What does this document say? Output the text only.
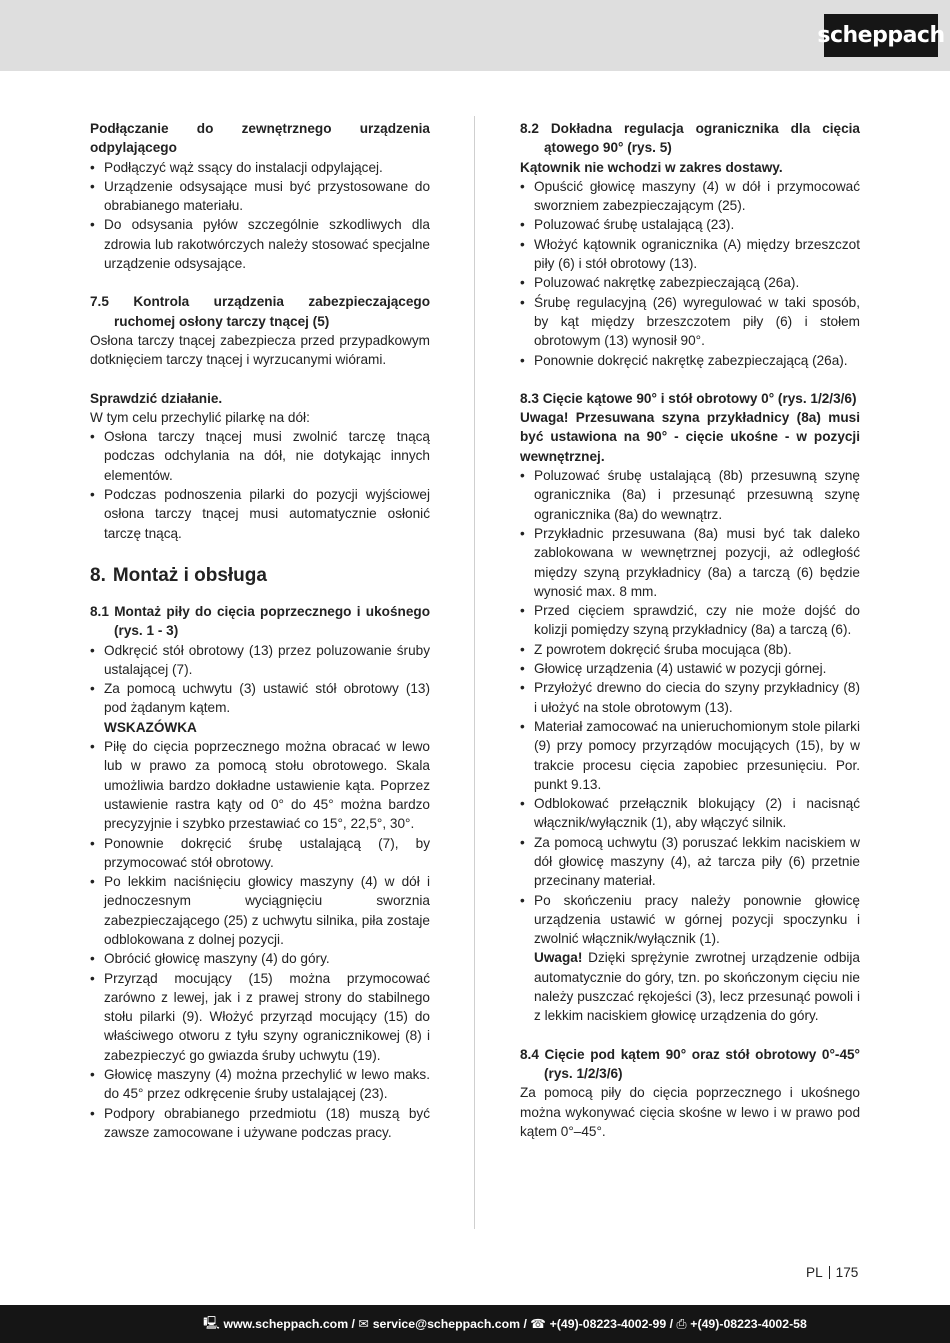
scheppach

Podłączanie do zewnętrznego urządzenia odpylającego

• Podłączyć wąż ssący do instalacji odpylającej.
• Urządzenie odsysające musi być przystosowane do obrabianego materiału.
• Do odsysania pyłów szczególnie szkodliwych dla zdrowia lub rakotwórczych należy stosować specjalne urządzenie odsysające.

7.5 Kontrola urządzenia zabezpieczającego ruchomej osłony tarczy tnącej (5)

Osłona tarczy tnącej zabezpiecza przed przypadkowym dotknięciem tarczy tnącej i wyrzucanymi wiórami.

Sprawdzić działanie.

W tym celu przechylić pilarkę na dół:

• Osłona tarczy tnącej musi zwolnić tarczę tnącą podczas odchylania na dół, nie dotykając innych elementów.
• Podczas podnoszenia pilarki do pozycji wyjściowej osłona tarczy tnącej musi automatycznie osłonić tarczę tnącą.

8. Montaż i obsługa

8.1 Montaż piły do cięcia poprzecznego i ukośnego (rys. 1 - 3)

• Odkręcić stół obrotowy (13) przez poluzowanie śruby ustalającej (7).
• Za pomocą uchwytu (3) ustawić stół obrotowy (13) pod żądanym kątem.
WSKAZÓWKA
• Piłę do cięcia poprzecznego można obracać w lewo lub w prawo za pomocą stołu obrotowego. Skala umożliwia bardzo dokładne ustawienie kąta. Poprzez ustawienie rastra kąty od 0° do 45° można bardzo precyzyjnie i szybko przestawiać co 15°, 22,5°, 30°.
• Ponownie dokręcić śrubę ustalającą (7), by przymocować stół obrotowy.
• Po lekkim naciśnięciu głowicy maszyny (4) w dół i jednoczesnym wyciągnięciu sworznia zabezpieczającego (25) z uchwytu silnika, piła zostaje odblokowana z dolnej pozycji.
• Obrócić głowicę maszyny (4) do góry.
• Przyrząd mocujący (15) można przymocować zarówno z lewej, jak i z prawej strony do stabilnego stołu pilarki (9). Włożyć przyrząd mocujący (15) do właściwego otworu z tyłu szyny ogranicznikowej (8) i zabezpieczyć go gwiazda śruby uchwytu (19).
• Głowicę maszyny (4) można przechylić w lewo maks. do 45° przez odkręcenie śruby ustalającej (23).
• Podpory obrabianego przedmiotu (18) muszą być zawsze zamocowane i używane podczas pracy.

8.2 Dokładna regulacja ogranicznika dla cięcia ątowego 90° (rys. 5)

Kątownik nie wchodzi w zakres dostawy.

• Opuścić głowicę maszyny (4) w dół i przymocować sworzniem zabezpieczającym (25).
• Poluzować śrubę ustalającą (23).
• Włożyć kątownik ogranicznika (A) między brzeszczot piły (6) i stół obrotowy (13).
• Poluzować nakrętkę zabezpieczającą (26a).
• Śrubę regulacyjną (26) wyregulować w taki sposób, by kąt między brzeszczotem piły (6) i stołem obrotowym (13) wynosił 90°.
• Ponownie dokręcić nakrętkę zabezpieczającą (26a).

8.3 Cięcie kątowe 90° i stół obrotowy 0° (rys. 1/2/3/6)

Uwaga! Przesuwana szyna przykładnicy (8a) musi być ustawiona na 90° - cięcie ukośne - w pozycji wewnętrznej.

• Poluzować śrubę ustalającą (8b) przesuwną szynę ogranicznika (8a) i przesunąć przesuwną szynę ogranicznika (8a) do wewnątrz.
• Przykładnic przesuwana (8a) musi być tak daleko zablokowana w wewnętrznej pozycji, aż odległość między szyną przykładnicy (8a) a tarczą (6) będzie wynosić max. 8 mm.
• Przed cięciem sprawdzić, czy nie może dojść do kolizji pomiędzy szyną przykładnicy (8a) a tarczą (6).
• Z powrotem dokręcić śruba mocująca (8b).
• Głowicę urządzenia (4) ustawić w pozycji górnej.
• Przyłożyć drewno do ciecia do szyny przykładnicy (8) i ułożyć na stole obrotowym (13).
• Materiał zamocować na unieruchomionym stole pilarki (9) przy pomocy przyrządów mocujących (15), by w trakcie procesu cięcia zapobiec przesunięciu. Por. punkt 9.13.
• Odblokować przełącznik blokujący (2) i nacisnąć włącznik/wyłącznik (1), aby włączyć silnik.
• Za pomocą uchwytu (3) poruszać lekkim naciskiem w dół głowicę maszyny (4), aż tarcza piły (6) przetnie przecinany materiał.
• Po skończeniu pracy należy ponownie głowicę urządzenia ustawić w górnej pozycji spoczynku i zwolnić włącznik/wyłącznik (1).
Uwaga! Dzięki sprężynie zwrotnej urządzenie odbija automatycznie do góry, tzn. po skończonym cięciu nie należy puszczać rękojeści (3), lecz przesunąć powoli i z lekkim naciskiem głowicę urządzenia do góry.

8.4 Cięcie pod kątem 90° oraz stół obrotowy 0°-45° (rys. 1/2/3/6)

Za pomocą piły do cięcia poprzecznego i ukośnego można wykonywać cięcia skośne w lewo i w prawo pod kątem 0°–45°.

PL 175
🖳 www.scheppach.com /
✉ service@scheppach.com /
☎ +(49)-08223-4002-99 /
⎙ +(49)-08223-4002-58
